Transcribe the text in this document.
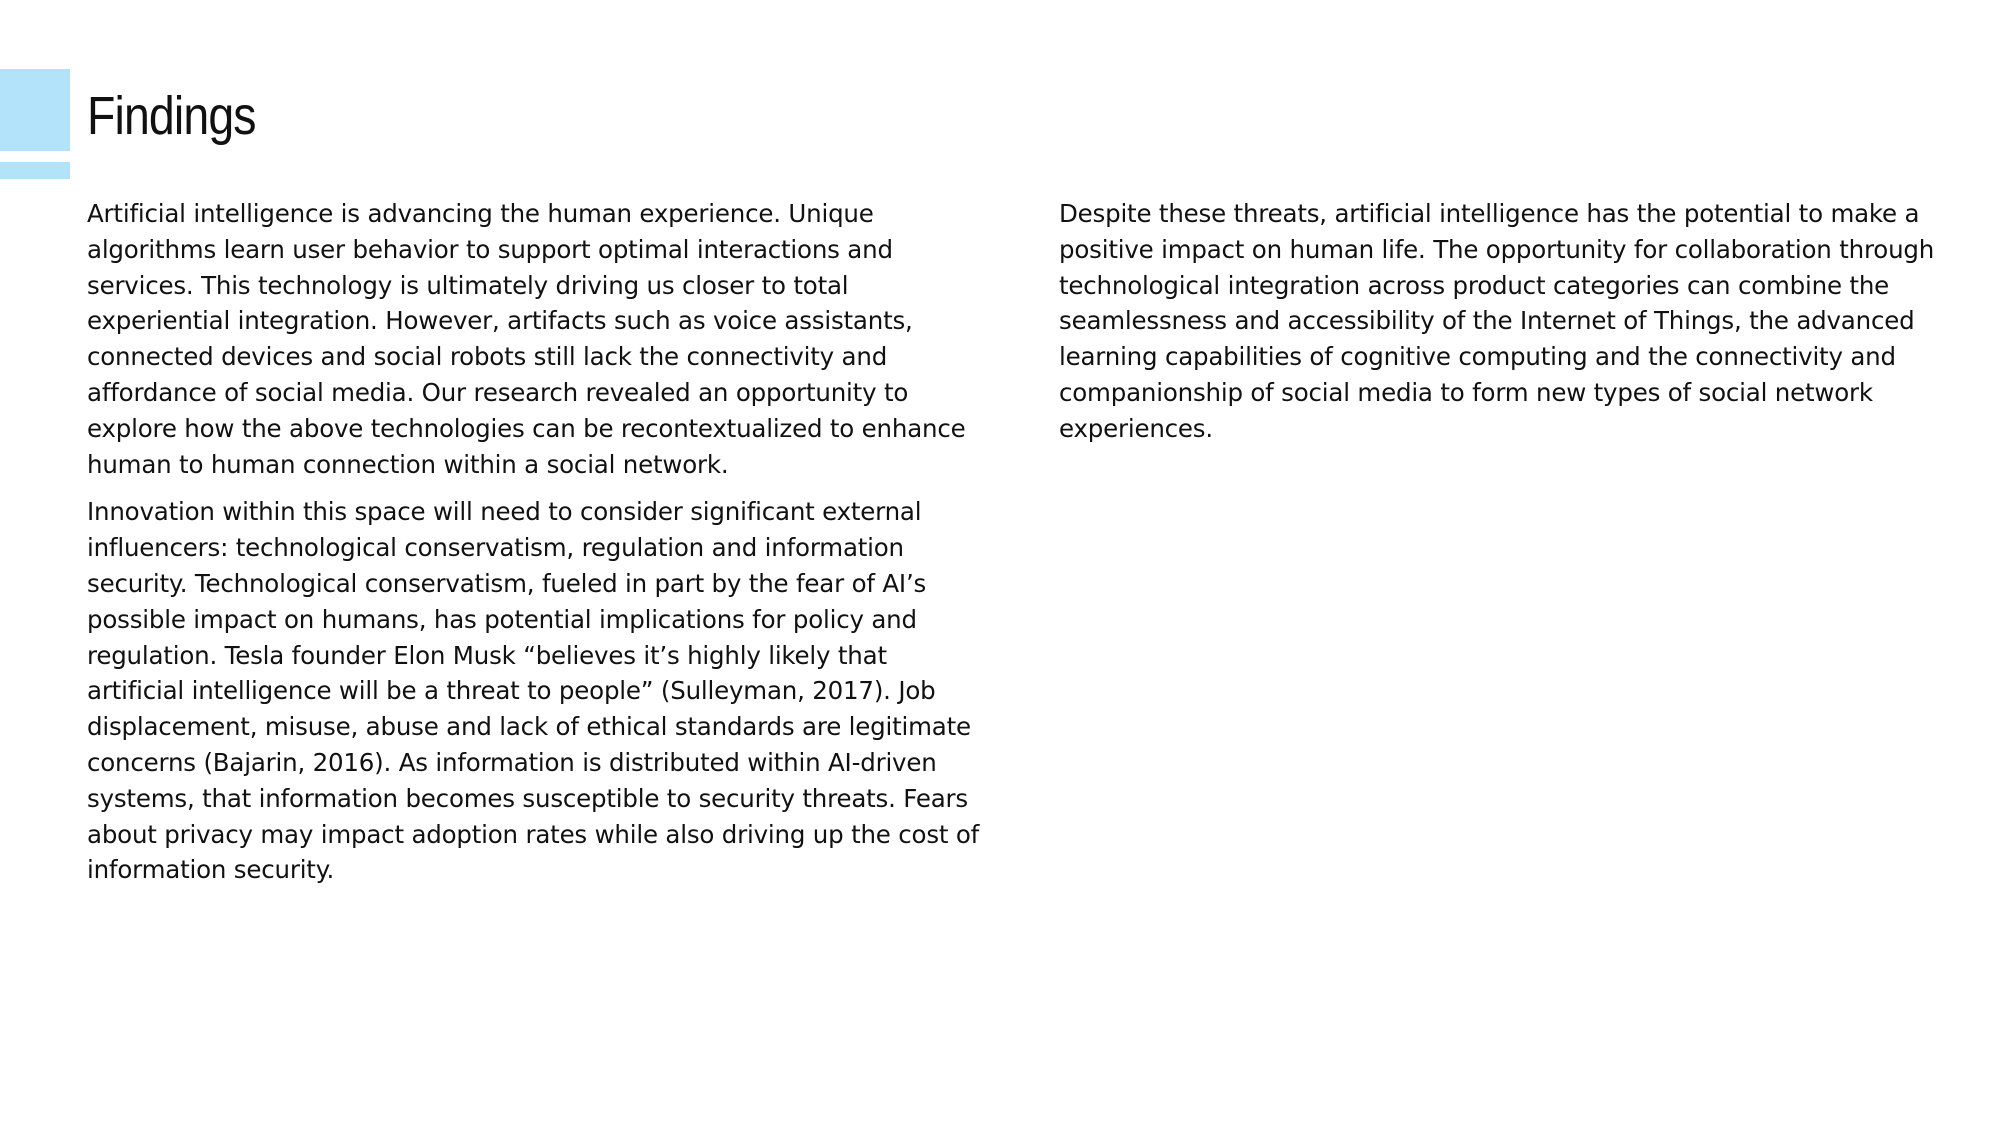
Findings

Artificial intelligence is advancing the human experience. Unique
algorithms learn user behavior to support optimal interactions and
services. This technology is ultimately driving us closer to total
experiential integration. However, artifacts such as voice assistants,
connected devices and social robots still lack the connectivity and
affordance of social media. Our research revealed an opportunity to
explore how the above technologies can be recontextualized to enhance
human to human connection within a social network.

Innovation within this space will need to consider significant external
influencers: technological conservatism, regulation and information
security. Technological conservatism, fueled in part by the fear of AI’s
possible impact on humans, has potential implications for policy and
regulation. Tesla founder Elon Musk “believes it’s highly likely that
artificial intelligence will be a threat to people” (Sulleyman, 2017). Job
displacement, misuse, abuse and lack of ethical standards are legitimate
concerns (Bajarin, 2016). As information is distributed within AI-driven
systems, that information becomes susceptible to security threats. Fears
about privacy may impact adoption rates while also driving up the cost of
information security.

Despite these threats, artificial intelligence has the potential to make a
positive impact on human life. The opportunity for collaboration through
technological integration across product categories can combine the
seamlessness and accessibility of the Internet of Things, the advanced
learning capabilities of cognitive computing and the connectivity and
companionship of social media to form new types of social network
experiences.
